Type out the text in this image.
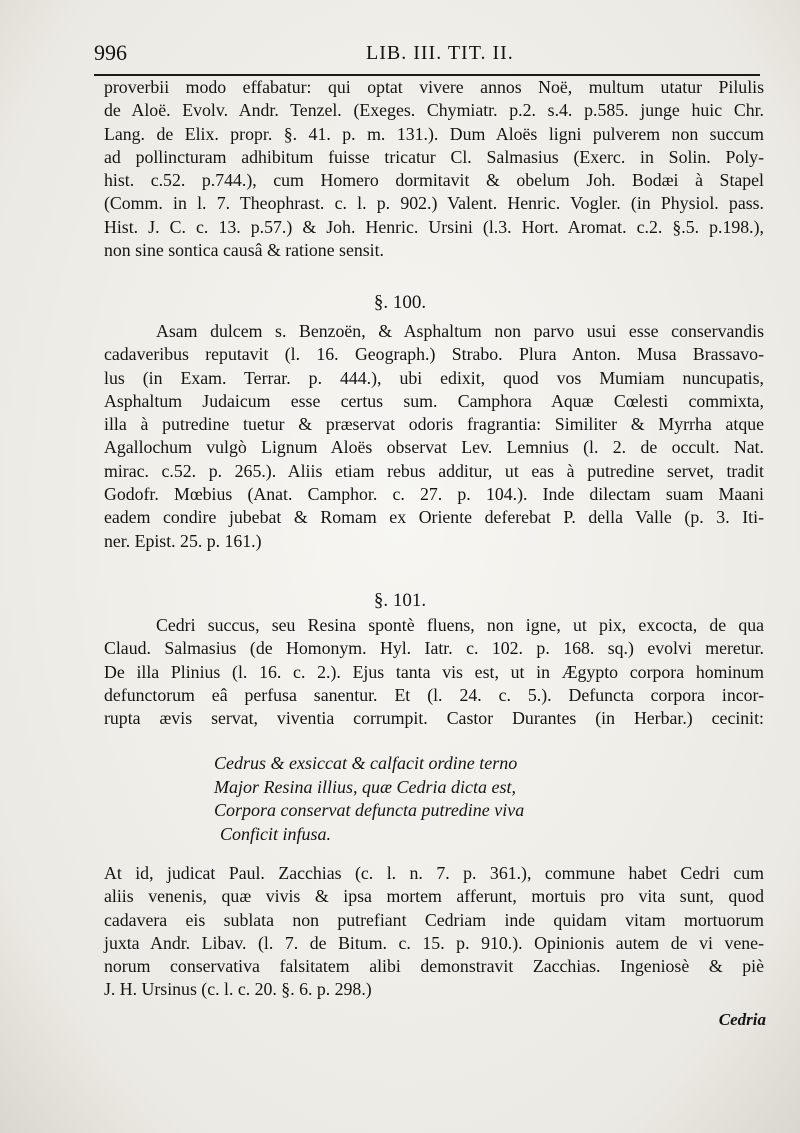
996	LIB. III. TIT. II.
proverbii modo effabatur: qui optat vivere annos Noë, multum utatur Pilulis
de Aloë. Evolv. Andr. Tenzel. (Exeges. Chymiatr. p.2. s.4. p.585. junge huic Chr.
Lang. de Elix. propr. §. 41. p. m. 131.). Dum Aloës ligni pulverem non succum
ad pollincturam adhibitum fuisse tricatur Cl. Salmasius (Exerc. in Solin. Poly-
hist. c.52. p.744.), cum Homero dormitavit & obelum Joh. Bodæi à Stapel
(Comm. in l. 7. Theophrast. c. l. p. 902.) Valent. Henric. Vogler. (in Physiol. pass.
Hist. J. C. c. 13. p.57.) & Joh. Henric. Ursini (l.3. Hort. Aromat. c.2. §.5. p.198.),
non sine sontica causâ & ratione sensit.
§. 100.
Asam dulcem s. Benzoën, & Asphaltum non parvo usui esse conservandis
cadaveribus reputavit (l. 16. Geograph.) Strabo. Plura Anton. Musa Brassavo-
lus (in Exam. Terrar. p. 444.), ubi edixit, quod vos Mumiam nuncupatis,
Asphaltum Judaicum esse certus sum. Camphora Aquæ Cœlesti commixta,
illa à putredine tuetur & præservat odoris fragrantia: Similiter & Myrrha atque
Agallochum vulgò Lignum Aloës observat Lev. Lemnius (l. 2. de occult. Nat.
mirac. c.52. p. 265.). Aliis etiam rebus additur, ut eas à putredine servet, tradit
Godofr. Mœbius (Anat. Camphor. c. 27. p. 104.). Inde dilectam suam Maani
eadem condire jubebat & Romam ex Oriente deferebat P. della Valle (p. 3. Iti-
ner. Epist. 25. p. 161.)
§. 101.
Cedri succus, seu Resina spontè fluens, non igne, ut pix, excocta, de qua
Claud. Salmasius (de Homonym. Hyl. Iatr. c. 102. p. 168. sq.) evolvi meretur.
De illa Plinius (l. 16. c. 2.). Ejus tanta vis est, ut in Ægypto corpora hominum
defunctorum eâ perfusa sanentur. Et (l. 24. c. 5.). Defuncta corpora incor-
rupta ævis servat, viventia corrumpit. Castor Durantes (in Herbar.) cecinit:
Cedrus & exsiccat & calfacit ordine terno
Major Resina illius, quæ Cedria dicta est,
Corpora conservat defuncta putredine viva
Conficit infusa.
At id, judicat Paul. Zacchias (c. l. n. 7. p. 361.), commune habet Cedri cum
aliis venenis, quæ vivis & ipsa mortem afferunt, mortuis pro vita sunt, quod
cadavera eis sublata non putrefiant Cedriam inde quidam vitam mortuorum
juxta Andr. Libav. (l. 7. de Bitum. c. 15. p. 910.). Opinionis autem de vi vene-
norum conservativa falsitatem alibi demonstravit Zacchias. Ingeniosè & piè
J. H. Ursinus (c. l. c. 20. §. 6. p. 298.)
Cedria
